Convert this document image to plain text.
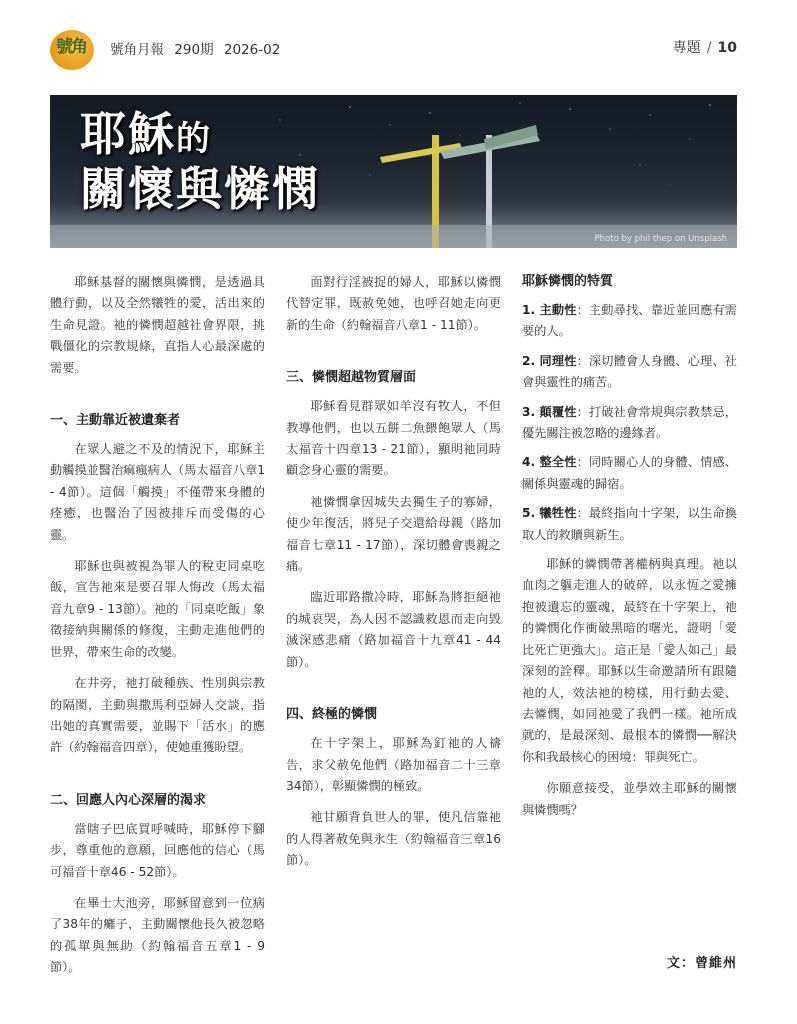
號角 號角月報 290期 2026-02	專題 / 10
耶穌的
關懷與憐憫
Photo by phil thep on Unsplash

耶穌基督的關懷與憐憫，是透過具體行動，以及全然犧牲的愛，活出來的生命見證。祂的憐憫超越社會界限，挑戰僵化的宗教規條，直指人心最深處的需要。

一、主動靠近被遺棄者

在眾人避之不及的情況下，耶穌主動觸摸並醫治痲瘋病人（馬太福音八章1 - 4節）。這個「觸摸」不僅帶來身體的痊癒，也醫治了因被排斥而受傷的心靈。

耶穌也與被視為罪人的稅吏同桌吃飯，宣告祂來是要召罪人悔改（馬太福音九章9 - 13節）。祂的「同桌吃飯」象徵接納與關係的修復，主動走進他們的世界，帶來生命的改變。

在井旁，祂打破種族、性別與宗教的隔閡，主動與撒馬利亞婦人交談，指出她的真實需要，並賜下「活水」的應許（約翰福音四章），使她重獲盼望。

二、回應人內心深層的渴求

當瞎子巴底買呼喊時，耶穌停下腳步，尊重他的意願，回應他的信心（馬可福音十章46 - 52節）。

在畢士大池旁，耶穌留意到一位病了38年的癱子，主動關懷他長久被忽略的孤單與無助（約翰福音五章1 - 9節）。

面對行淫被捉的婦人，耶穌以憐憫代替定罪，既赦免她，也呼召她走向更新的生命（約翰福音八章1 - 11節）。

三、憐憫超越物質層面

耶穌看見群眾如羊沒有牧人，不但教導他們，也以五餅二魚餵飽眾人（馬太福音十四章13 - 21節），顯明祂同時顧念身心靈的需要。

祂憐憫拿因城失去獨生子的寡婦，使少年復活，將兒子交還給母親（路加福音七章11 - 17節），深切體會喪親之痛。

臨近耶路撒冷時，耶穌為將拒絕祂的城哀哭，為人因不認識救恩而走向毀滅深感悲痛（路加福音十九章41 - 44節）。

四、終極的憐憫

在十字架上，耶穌為釘祂的人禱告，求父赦免他們（路加福音二十三章34節），彰顯憐憫的極致。

祂甘願背負世人的罪，使凡信靠祂的人得著赦免與永生（約翰福音三章16節）。

耶穌憐憫的特質
1. 主動性：主動尋找、靠近並回應有需要的人。
2. 同理性：深切體會人身體、心理、社會與靈性的痛苦。
3. 顛覆性：打破社會常規與宗教禁忌，優先關注被忽略的邊緣者。
4. 整全性：同時關心人的身體、情感、關係與靈魂的歸宿。
5. 犧牲性：最終指向十字架，以生命換取人的救贖與新生。

耶穌的憐憫帶著權柄與真理。祂以血肉之軀走進人的破碎，以永恆之愛擁抱被遺忘的靈魂，最終在十字架上，祂的憐憫化作衝破黑暗的曙光，證明「愛比死亡更強大」。這正是「愛人如己」最深刻的詮釋。耶穌以生命邀請所有跟隨祂的人，效法祂的榜樣，用行動去愛、去憐憫，如同祂愛了我們一樣。祂所成就的，是最深刻、最根本的憐憫──解決你和我最核心的困境：罪與死亡。

你願意接受，並學效主耶穌的關懷與憐憫嗎？

文：曾維州
